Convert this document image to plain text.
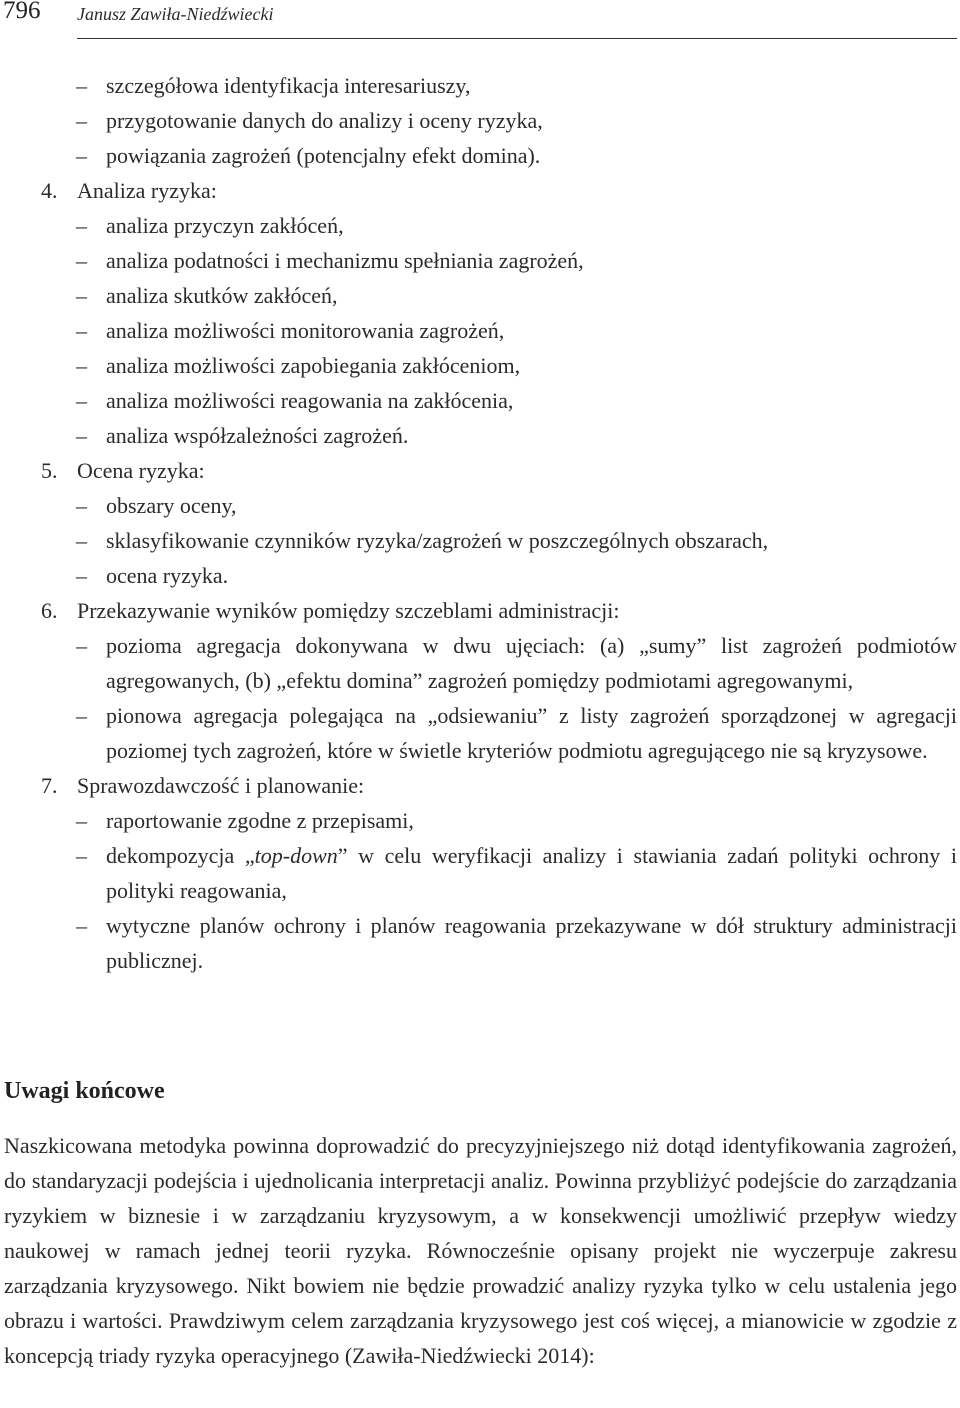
796 Janusz Zawiła-Niedźwiecki
– szczegółowa identyfikacja interesariuszy,
– przygotowanie danych do analizy i oceny ryzyka,
– powiązania zagrożeń (potencjalny efekt domina).
4. Analiza ryzyka:
– analiza przyczyn zakłóceń,
– analiza podatności i mechanizmu spełniania zagrożeń,
– analiza skutków zakłóceń,
– analiza możliwości monitorowania zagrożeń,
– analiza możliwości zapobiegania zakłóceniom,
– analiza możliwości reagowania na zakłócenia,
– analiza współzależności zagrożeń.
5. Ocena ryzyka:
– obszary oceny,
– sklasyfikowanie czynników ryzyka/zagrożeń w poszczególnych obszarach,
– ocena ryzyka.
6. Przekazywanie wyników pomiędzy szczeblami administracji:
– pozioma agregacja dokonywana w dwu ujęciach: (a) „sumy” list zagrożeń podmiotów agregowanych, (b) „efektu domina” zagrożeń pomiędzy podmiotami agregowanymi,
– pionowa agregacja polegająca na „odsiewaniu” z listy zagrożeń sporządzonej w agregacji poziomej tych zagrożeń, które w świetle kryteriów podmiotu agregującego nie są kryzysowe.
7. Sprawozdawczość i planowanie:
– raportowanie zgodne z przepisami,
– dekompozycja „top-down” w celu weryfikacji analizy i stawiania zadań polityki ochrony i polityki reagowania,
– wytyczne planów ochrony i planów reagowania przekazywane w dół struktury administracji publicznej.
Uwagi końcowe
Naszkicowana metodyka powinna doprowadzić do precyzyjniejszego niż dotąd identyfikowania zagrożeń, do standaryzacji podejścia i ujednolicania interpretacji analiz. Powinna przybliżyć podejście do zarządzania ryzykiem w biznesie i w zarządzaniu kryzysowym, a w konsekwencji umożliwić przepływ wiedzy naukowej w ramach jednej teorii ryzyka. Równocześnie opisany projekt nie wyczerpuje zakresu zarządzania kryzysowego. Nikt bowiem nie będzie prowadzić analizy ryzyka tylko w celu ustalenia jego obrazu i wartości. Prawdziwym celem zarządzania kryzysowego jest coś więcej, a mianowicie w zgodzie z koncepcją triady ryzyka operacyjnego (Zawiła-Niedźwiecki 2014):
